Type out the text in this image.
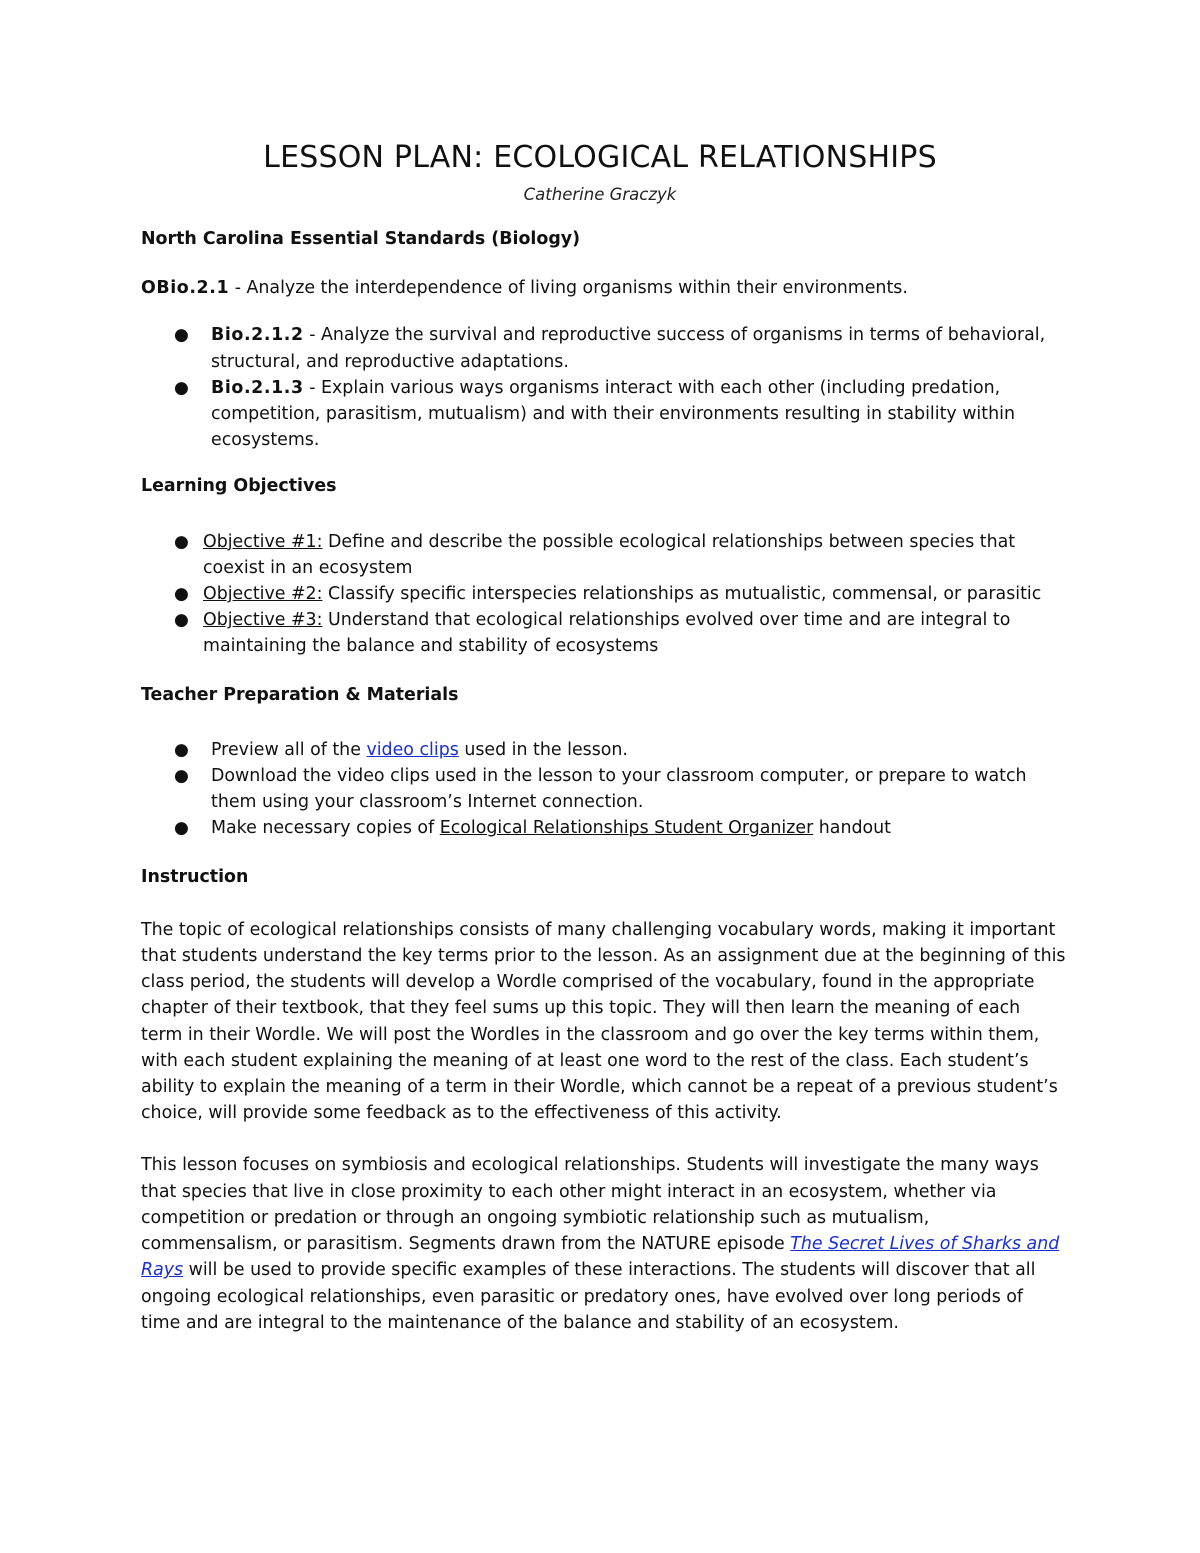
LESSON PLAN: ECOLOGICAL RELATIONSHIPS
Catherine Graczyk
North Carolina Essential Standards (Biology)

OBio.2.1 - Analyze the interdependence of living organisms within their environments.

● Bio.2.1.2 - Analyze the survival and reproductive success of organisms in terms of behavioral, structural, and reproductive adaptations.
● Bio.2.1.3 - Explain various ways organisms interact with each other (including predation, competition, parasitism, mutualism) and with their environments resulting in stability within ecosystems.
Learning Objectives
● Objective #1: Define and describe the possible ecological relationships between species that coexist in an ecosystem
● Objective #2: Classify specific interspecies relationships as mutualistic, commensal, or parasitic
● Objective #3: Understand that ecological relationships evolved over time and are integral to maintaining the balance and stability of ecosystems
Teacher Preparation & Materials
● Preview all of the video clips used in the lesson.
● Download the video clips used in the lesson to your classroom computer, or prepare to watch them using your classroom’s Internet connection.
● Make necessary copies of Ecological Relationships Student Organizer handout
Instruction

The topic of ecological relationships consists of many challenging vocabulary words, making it important that students understand the key terms prior to the lesson. As an assignment due at the beginning of this class period, the students will develop a Wordle comprised of the vocabulary, found in the appropriate chapter of their textbook, that they feel sums up this topic. They will then learn the meaning of each term in their Wordle. We will post the Wordles in the classroom and go over the key terms within them, with each student explaining the meaning of at least one word to the rest of the class. Each student’s ability to explain the meaning of a term in their Wordle, which cannot be a repeat of a previous student’s choice, will provide some feedback as to the effectiveness of this activity.

This lesson focuses on symbiosis and ecological relationships. Students will investigate the many ways that species that live in close proximity to each other might interact in an ecosystem, whether via competition or predation or through an ongoing symbiotic relationship such as mutualism, commensalism, or parasitism. Segments drawn from the NATURE episode The Secret Lives of Sharks and Rays will be used to provide specific examples of these interactions. The students will discover that all ongoing ecological relationships, even parasitic or predatory ones, have evolved over long periods of time and are integral to the maintenance of the balance and stability of an ecosystem.
